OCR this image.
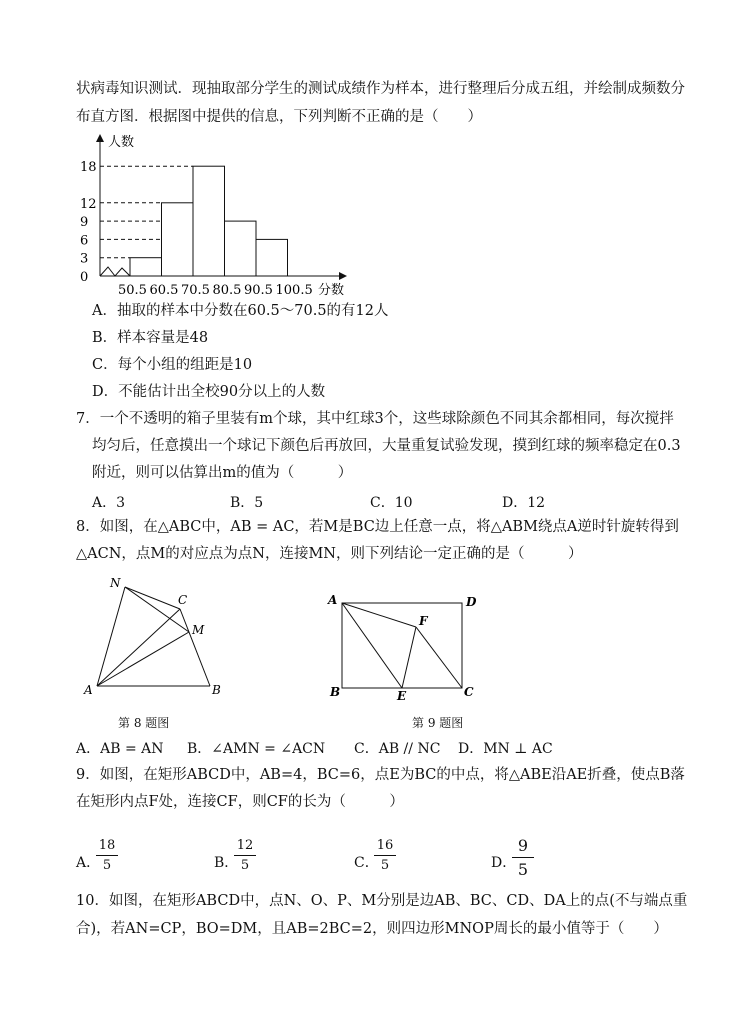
状病毒知识测试．现抽取部分学生的测试成绩作为样本，进行整理后分成五组，并绘制成频数分
布直方图．根据图中提供的信息，下列判断不正确的是（　　）
0
3
6
9
12
18
50.5 60.5 70.5 80.5 90.5 100.5
人数
分数
A．抽取的样本中分数在60.5～70.5的有12人
B．样本容量是48
C．每个小组的组距是10
D．不能估计出全校90分以上的人数
7．一个不透明的箱子里装有m个球，其中红球3个，这些球除颜色不同其余都相同，每次搅拌
均匀后，任意摸出一个球记下颜色后再放回，大量重复试验发现，摸到红球的频率稳定在0.3
附近，则可以估算出m的值为（　　　）
A．3	B．5	C．10	D．12
8．如图，在△ABC中，AB = AC，若M是BC边上任意一点，将△ABM绕点A逆时针旋转得到
△ACN，点M的对应点为点N，连接MN，则下列结论一定正确的是（　　　）
N
C
M
A	B
第 8 题图
A	D
F
B	E	C
第 9 题图
A．AB = AN B．∠AMN = ∠ACN C．AB // NC D．MN ⊥ AC
9．如图，在矩形ABCD中，AB=4，BC=6，点E为BC的中点，将△ABE沿AE折叠，使点B落
在矩形内点F处，连接CF，则CF的长为（　　　）
A．
18
5	B．
12
5	C．
16
5	D．
9
5
10．如图，在矩形ABCD中，点N、O、P、M分别是边AB、BC、CD、DA上的点(不与端点重
合)，若AN=CP，BO=DM，且AB=2BC=2，则四边形MNOP周长的最小值等于（　　）
